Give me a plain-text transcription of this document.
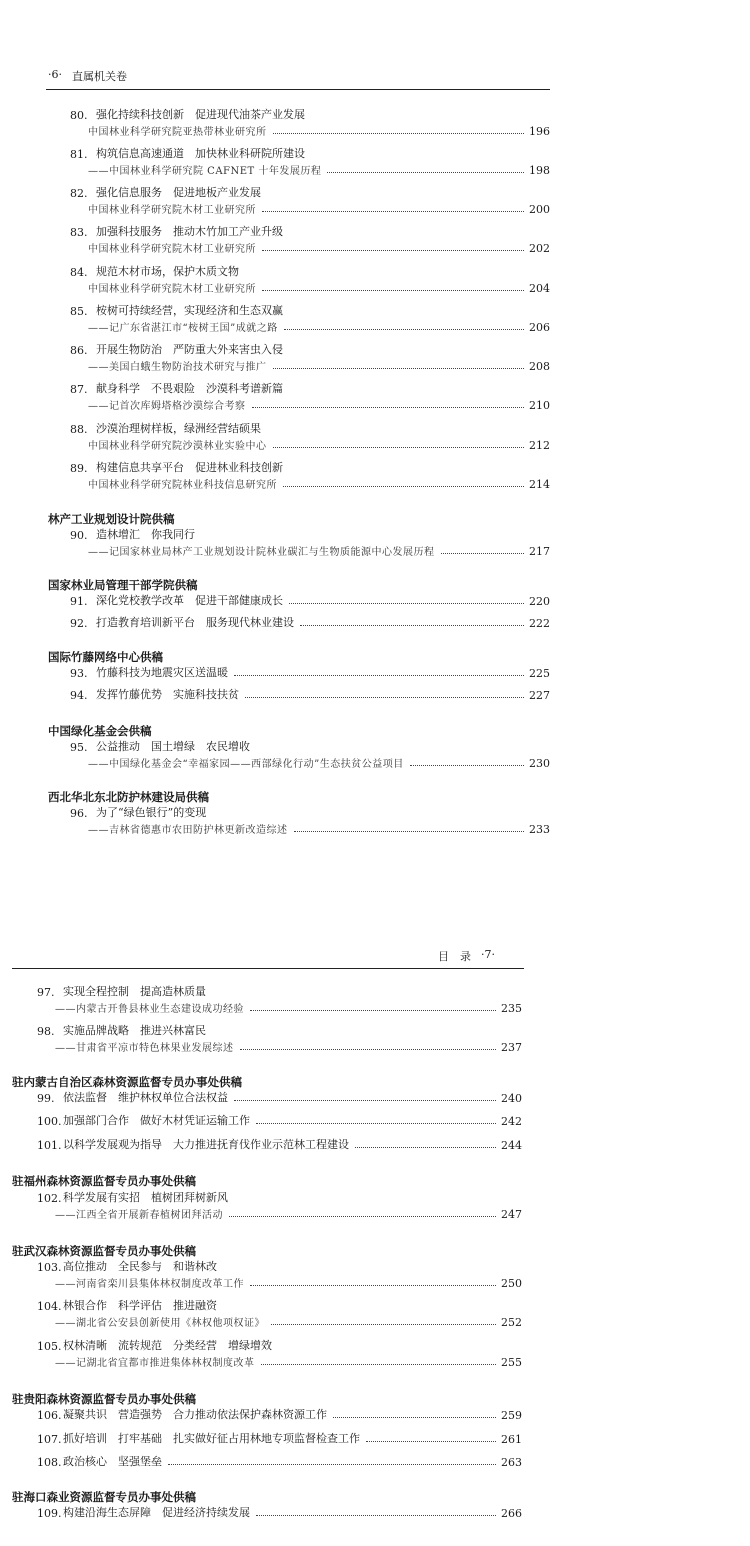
·6· 直属机关卷
80. 强化持续科技创新　促进现代油茶产业发展
中国林业科学研究院亚热带林业研究所	196
81. 构筑信息高速通道　加快林业科研院所建设
——中国林业科学研究院 CAFNET 十年发展历程	198
82. 强化信息服务　促进地板产业发展
中国林业科学研究院木材工业研究所	200
83. 加强科技服务　推动木竹加工产业升级
中国林业科学研究院木材工业研究所	202
84. 规范木材市场，保护木质文物
中国林业科学研究院木材工业研究所	204
85. 桉树可持续经营，实现经济和生态双赢
——记广东省湛江市“桉树王国”成就之路	206
86. 开展生物防治　严防重大外来害虫入侵
——美国白蛾生物防治技术研究与推广	208
87. 献身科学　不畏艰险　沙漠科考谱新篇
——记首次库姆塔格沙漠综合考察	210
88. 沙漠治理树样板，绿洲经营结硕果
中国林业科学研究院沙漠林业实验中心	212
89. 构建信息共享平台　促进林业科技创新
中国林业科学研究院林业科技信息研究所	214
林产工业规划设计院供稿
90. 造林增汇　你我同行
——记国家林业局林产工业规划设计院林业碳汇与生物质能源中心发展历程	217
国家林业局管理干部学院供稿
91. 深化党校教学改革　促进干部健康成长	220
92. 打造教育培训新平台　服务现代林业建设	222
国际竹藤网络中心供稿
93. 竹藤科技为地震灾区送温暖	225
94. 发挥竹藤优势　实施科技扶贫	227
中国绿化基金会供稿
95. 公益推动　国土增绿　农民增收
——中国绿化基金会“幸福家园——西部绿化行动”生态扶贫公益项目	230
西北华北东北防护林建设局供稿
96. 为了“绿色银行”的变现
——吉林省德惠市农田防护林更新改造综述	233
目　录 ·7·
97. 实现全程控制　提高造林质量
——内蒙古开鲁县林业生态建设成功经验	235
98. 实施品牌战略　推进兴林富民
——甘肃省平凉市特色林果业发展综述	237
驻内蒙古自治区森林资源监督专员办事处供稿
99. 依法监督　维护林权单位合法权益	240
100. 加强部门合作　做好木材凭证运输工作	242
101. 以科学发展观为指导　大力推进抚育伐作业示范林工程建设	244
驻福州森林资源监督专员办事处供稿
102. 科学发展有实招　植树团拜树新风
——江西全省开展新春植树团拜活动	247
驻武汉森林资源监督专员办事处供稿
103. 高位推动　全民参与　和谐林改
——河南省栾川县集体林权制度改革工作	250
104. 林银合作　科学评估　推进融资
——湖北省公安县创新使用《林权他项权证》	252
105. 权林清晰　流转规范　分类经营　增绿增效
——记湖北省宜都市推进集体林权制度改革	255
驻贵阳森林资源监督专员办事处供稿
106. 凝聚共识　营造强势　合力推动依法保护森林资源工作	259
107. 抓好培训　打牢基础　扎实做好征占用林地专项监督检查工作	261
108. 政治核心　坚强堡垒	263
驻海口森业资源监督专员办事处供稿
109. 构建沿海生态屏障　促进经济持续发展	266
